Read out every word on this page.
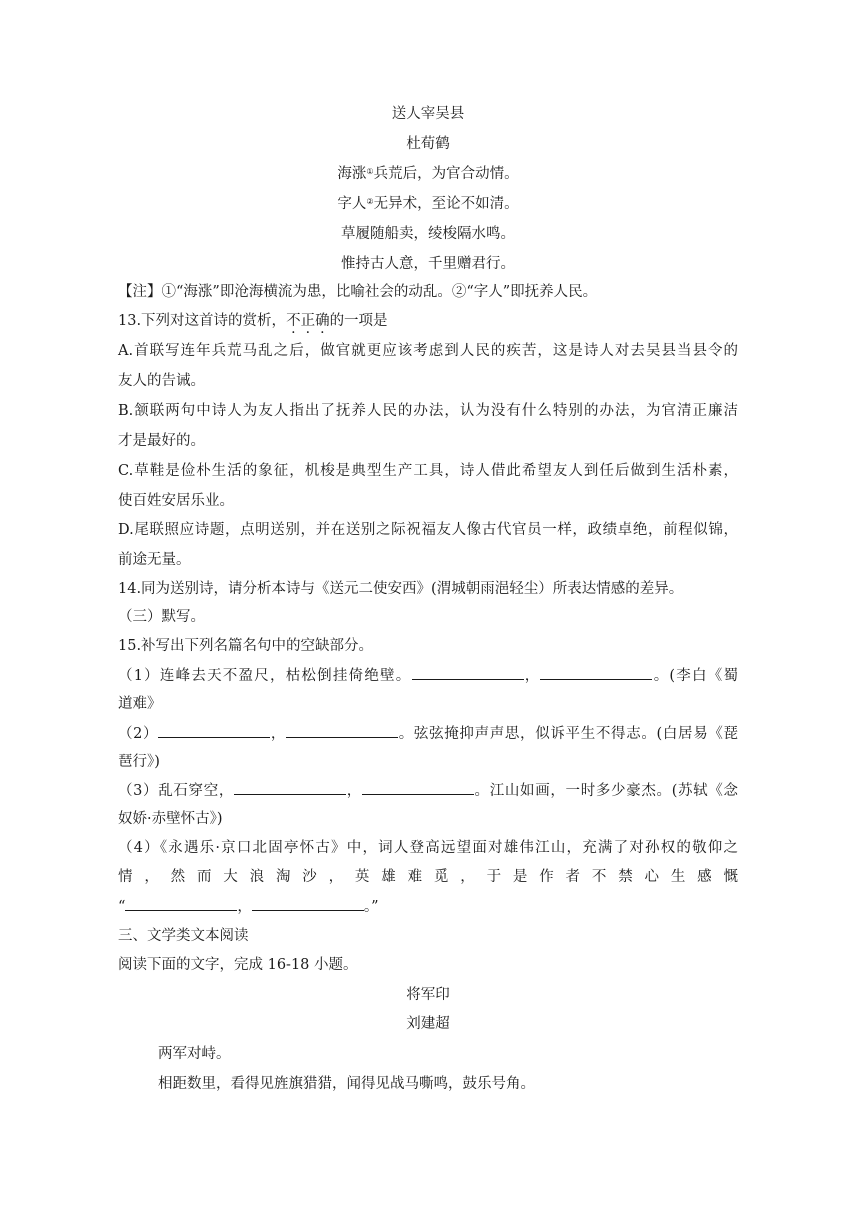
送人宰吴县
杜荀鹤
海涨①兵荒后，为官合动情。
字人②无异术，至论不如清。
草履随船卖，绫梭隔水鸣。
惟持古人意，千里赠君行。
【注】①“海涨”即沧海横流为患，比喻社会的动乱。②“字人”即抚养人民。
13.下列对这首诗的赏析，不正确的一项是
A.首联写连年兵荒马乱之后，做官就更应该考虑到人民的疾苦，这是诗人对去吴县当县令的
友人的告诫。
B.颔联两句中诗人为友人指出了抚养人民的办法，认为没有什么特别的办法，为官清正廉洁
才是最好的。
C.草鞋是俭朴生活的象征，机梭是典型生产工具，诗人借此希望友人到任后做到生活朴素，
使百姓安居乐业。
D.尾联照应诗题，点明送别，并在送别之际祝福友人像古代官员一样，政绩卓绝，前程似锦，
前途无量。
14.同为送别诗，请分析本诗与《送元二使安西》(渭城朝雨浥轻尘）所表达情感的差异。
（三）默写。
15.补写出下列名篇名句中的空缺部分。
（1）连峰去天不盈尺，枯松倒挂倚绝壁。	，	。(李白《蜀
道难》
（2）	，	。弦弦掩抑声声思，似诉平生不得志。(白居易《琵
琶行》)
（3）乱石穿空，	，	。江山如画，一时多少豪杰。(苏轼《念
奴娇·赤壁怀古》)
（4）《永遇乐·京口北固亭怀古》中，词人登高远望面对雄伟江山，充满了对孙权的敬仰之
情，然而大浪淘沙，英雄难觅，于是作者不禁心生感慨
“	，	。”
三、文学类文本阅读
阅读下面的文字，完成 16-18 小题。
将军印
刘建超
两军对峙。
相距数里，看得见旌旗猎猎，闻得见战马嘶鸣，鼓乐号角。
